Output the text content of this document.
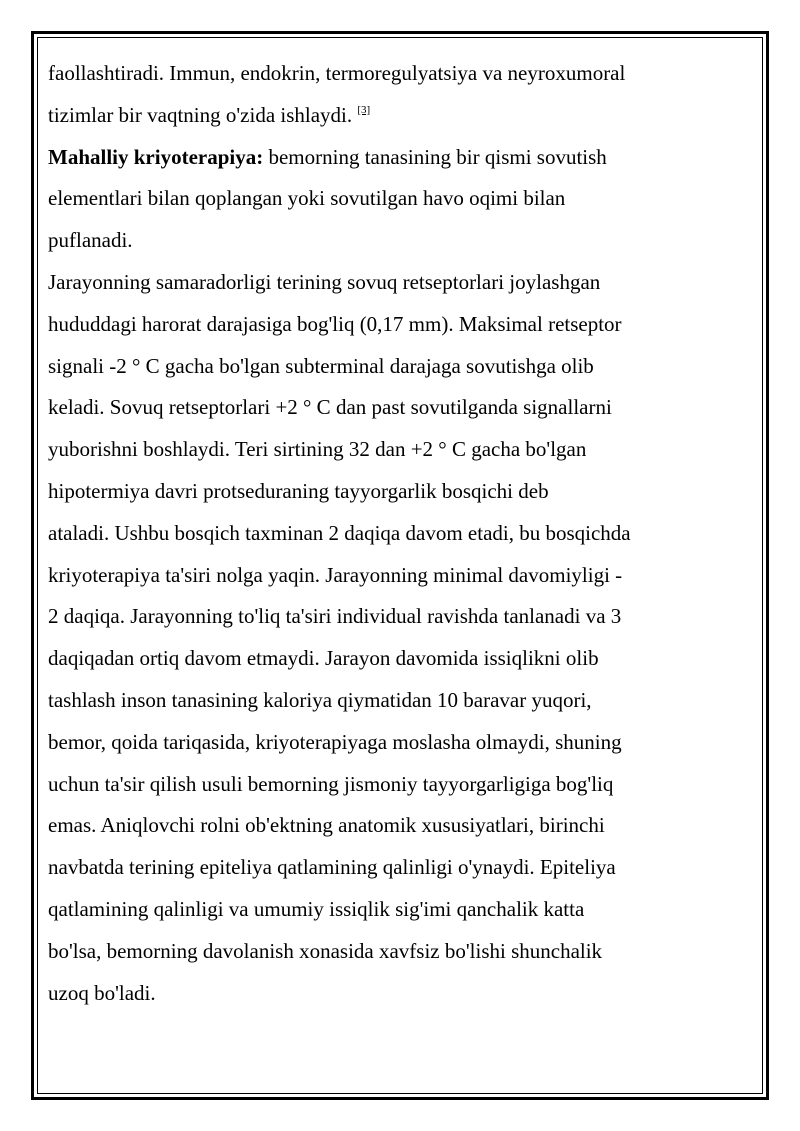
faollashtiradi. Immun, endokrin, termoregulyatsiya va neyroxumoral
tizimlar bir vaqtning o'zida ishlaydi. [3]

Mahalliy kriyoterapiya: bemorning tanasining bir qismi sovutish
elementlari bilan qoplangan yoki sovutilgan havo oqimi bilan
puflanadi.

Jarayonning samaradorligi terining sovuq retseptorlari joylashgan
hududdagi harorat darajasiga bog'liq (0,17 mm). Maksimal retseptor
signali -2 ° C gacha bo'lgan subterminal darajaga sovutishga olib
keladi. Sovuq retseptorlari +2 ° C dan past sovutilganda signallarni
yuborishni boshlaydi. Teri sirtining 32 dan +2 ° C gacha bo'lgan
hipotermiya davri protseduraning tayyorgarlik bosqichi deb
ataladi. Ushbu bosqich taxminan 2 daqiqa davom etadi, bu bosqichda
kriyoterapiya ta'siri nolga yaqin. Jarayonning minimal davomiyligi -
2 daqiqa. Jarayonning to'liq ta'siri individual ravishda tanlanadi va 3
daqiqadan ortiq davom etmaydi. Jarayon davomida issiqlikni olib
tashlash inson tanasining kaloriya qiymatidan 10 baravar yuqori,
bemor, qoida tariqasida, kriyoterapiyaga moslasha olmaydi, shuning
uchun ta'sir qilish usuli bemorning jismoniy tayyorgarligiga bog'liq
emas. Aniqlovchi rolni ob'ektning anatomik xususiyatlari, birinchi
navbatda terining epiteliya qatlamining qalinligi o'ynaydi. Epiteliya
qatlamining qalinligi va umumiy issiqlik sig'imi qanchalik katta
bo'lsa, bemorning davolanish xonasida xavfsiz bo'lishi shunchalik
uzoq bo'ladi.
